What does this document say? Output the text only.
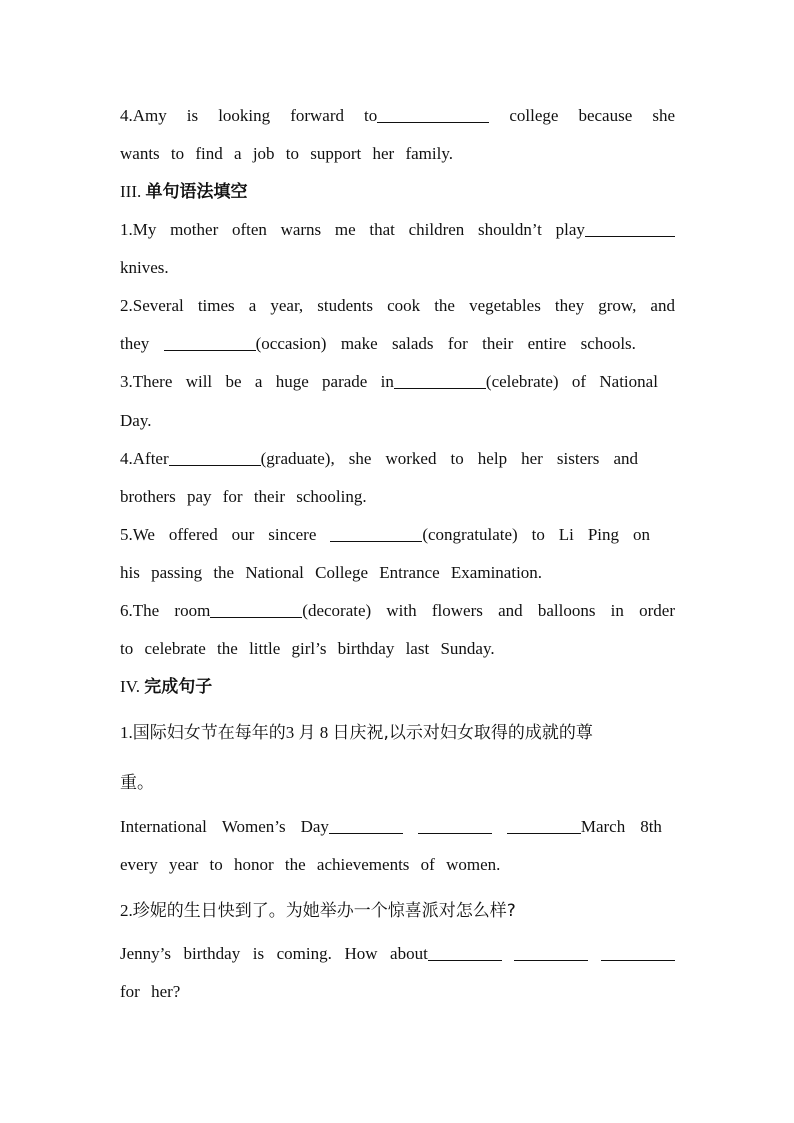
4.Amy is looking forward to	college because she
wants to find a job to support her family.
III. 单句语法填空
1.My mother often warns me that children shouldn’t play
knives.
2.Several times a year, students cook the vegetables they grow, and
they	(occasion) make salads for their entire schools.
3.There will be a huge parade in	(celebrate) of National
Day.
4.After	(graduate), she worked to help her sisters and
brothers pay for their schooling.
5.We offered our sincere	(congratulate) to Li Ping on
his passing the National College Entrance Examination.
6.The room	(decorate) with flowers and balloons in order
to celebrate the little girl’s birthday last Sunday.
IV. 完成句子
1.国际妇女节在每年的3 月 8 日庆祝,以示对妇女取得的成就的尊
重。
International Women’s Day	March 8th
every year to honor the achievements of women.
2.珍妮的生日快到了。为她举办一个惊喜派对怎么样?
Jenny’s birthday is coming. How about
for her?
